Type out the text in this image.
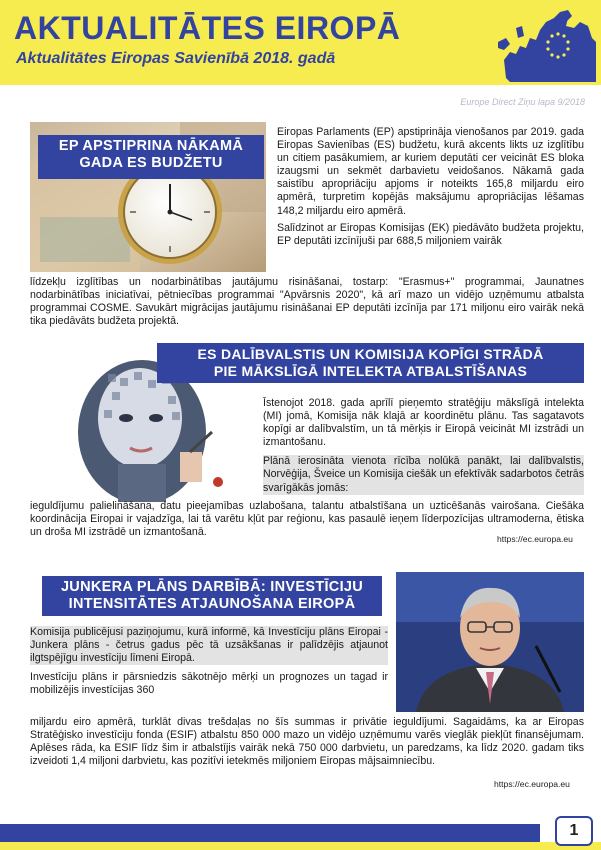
AKTUALITĀTES EIROPĀ
Aktualitātes Eiropas Savienībā 2018. gadā
Europe Direct Ziņu lapa 9/2018
EP APSTIPRINA NĀKAMĀ
GADA ES BUDŽETU

Eiropas Parlaments (EP) apstiprināja vienošanos par 2019. gada Eiropas Savienības (ES) budžetu, kurā akcents likts uz izglītību un citiem pasākumiem, ar kuriem deputāti cer veicināt ES bloka izaugsmi un sekmēt darbavietu veidošanos. Nākamā gada saistību apropriāciju apjoms ir noteikts 165,8 miljardu eiro apmērā, turpretim kopējās maksājumu apropriācijas lēšamas 148,2 miljardu eiro apmērā.

Salīdzinot ar Eiropas Komisijas (EK) piedāvāto budžeta projektu, EP deputāti izcīnījuši par 688,5 miljoniem vairāk

līdzekļu izglītības un nodarbinātības jautājumu risināšanai, tostarp: "Erasmus+" programmai, Jaunatnes nodarbinātības iniciatīvai, pētniecības programmai "Apvārsnis 2020", kā arī mazo un vidējo uzņēmumu atbalsta programmai COSME. Savukārt migrācijas jautājumu risināšanai EP deputāti izcīnīja par 171 miljonu eiro vairāk nekā tika piedāvāts budžeta projektā.

ES DALĪBVALSTIS UN KOMISIJA KOPĪGI STRĀDĀ
PIE MĀKSLĪGĀ INTELEKTA ATBALSTĪŠANAS

Īstenojot 2018. gada aprīlī pieņemto stratēģiju mākslīgā intelekta (MI) jomā, Komisija nāk klajā ar koordinētu plānu. Tas sagatavots kopīgi ar dalībvalstīm, un tā mērķis ir Eiropā veicināt MI izstrādi un izmantošanu.

Plānā ierosināta vienota rīcība nolūkā panākt, lai dalībvalstis, Norvēģija, Šveice un Komisija ciešāk un efektīvāk sadarbotos četrās svarīgākās jomās:

ieguldījumu palielināšana, datu pieejamības uzlabošana, talantu atbalstīšana un uzticēšanās vairošana. Ciešāka koordinācija Eiropai ir vajadzīga, lai tā varētu kļūt par reģionu, kas pasaulē ieņem līderpozīcijas ultramoderna, ētiska un droša MI izstrādē un izmantošanā.

https://ec.europa.eu
JUNKERA PLĀNS DARBĪBĀ: INVESTĪCIJU
INTENSITĀTES ATJAUNOŠANA EIROPĀ

Komisija publicējusi paziņojumu, kurā informē, kā Investīciju plāns Eiropai - Junkera plāns - četrus gadus pēc tā uzsākšanas ir palīdzējis atjaunot ilgtspējīgu investīciju līmeni Eiropā.

Investīciju plāns ir pārsniedzis sākotnējo mērķi un prognozes un tagad ir mobilizējis investīcijas 360

miljardu eiro apmērā, turklāt divas trešdaļas no šīs summas ir privātie ieguldījumi. Sagaidāms, ka ar Eiropas Stratēģisko investīciju fonda (ESIF) atbalstu 850 000 mazo un vidējo uzņēmumu varēs vieglāk piekļūt finansējumam. Aplēses rāda, ka ESIF līdz šim ir atbalstījis vairāk nekā 750 000 darbvietu, un paredzams, ka līdz 2020. gadam tiks izveidoti 1,4 miljoni darbvietu, kas pozitīvi ietekmēs miljoniem Eiropas mājsaimniecību.

https://ec.europa.eu
1
